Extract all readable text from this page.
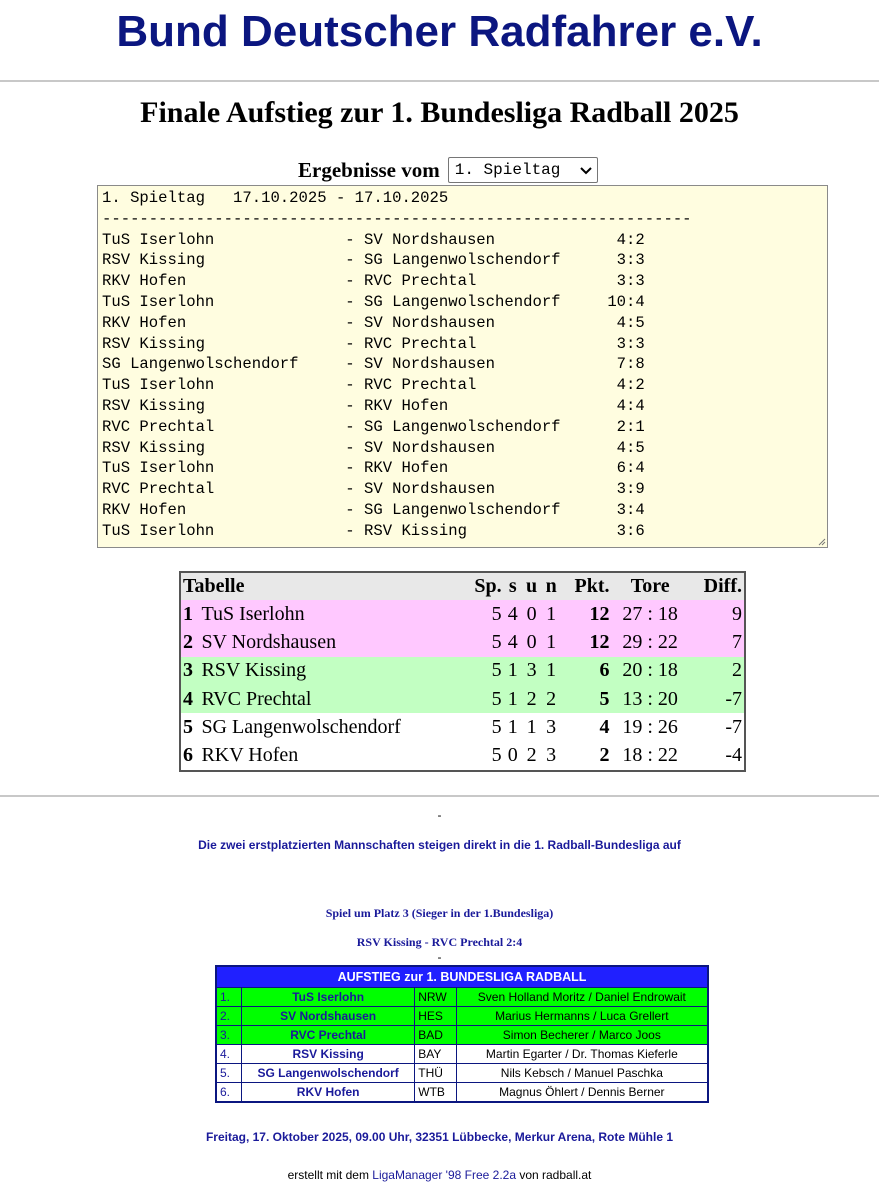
Bund Deutscher Radfahrer e.V.
Finale Aufstieg zur 1. Bundesliga Radball 2025
Ergebnisse vom 1. Spieltag
1. Spieltag   17.10.2025 - 17.10.2025
---------------------------------------------------------------
TuS Iserlohn              - SV Nordshausen             4:2
RSV Kissing               - SG Langenwolschendorf      3:3
RKV Hofen                 - RVC Prechtal               3:3
TuS Iserlohn              - SG Langenwolschendorf     10:4
RKV Hofen                 - SV Nordshausen             4:5
RSV Kissing               - RVC Prechtal               3:3
SG Langenwolschendorf     - SV Nordshausen             7:8
TuS Iserlohn              - RVC Prechtal               4:2
RSV Kissing               - RKV Hofen                  4:4
RVC Prechtal              - SG Langenwolschendorf      2:1
RSV Kissing               - SV Nordshausen             4:5
TuS Iserlohn              - RKV Hofen                  6:4
RVC Prechtal              - SV Nordshausen             3:9
RKV Hofen                 - SG Langenwolschendorf      3:4
TuS Iserlohn              - RSV Kissing                3:6
Tabelle		Sp.	s	u	n	Pkt.	Tore	Diff.
1	TuS Iserlohn	5	4	0	1	12	27 : 18	9
2	SV Nordshausen	5	4	0	1	12	29 : 22	7
3	RSV Kissing	5	1	3	1	6	20 : 18	2
4	RVC Prechtal	5	1	2	2	5	13 : 20	-7
5	SG Langenwolschendorf	5	1	1	3	4	19 : 26	-7
6	RKV Hofen	5	0	2	3	2	18 : 22	-4
-
Die zwei erstplatzierten Mannschaften steigen direkt in die 1. Radball-Bundesliga auf
Spiel um Platz 3 (Sieger in der 1.Bundesliga)
RSV Kissing - RVC Prechtal 2:4
-
AUFSTIEG zur 1. BUNDESLIGA RADBALL			
1.	TuS Iserlohn	NRW	Sven Holland Moritz / Daniel Endrowait
2.	SV Nordshausen	HES	Marius Hermanns / Luca Grellert
3.	RVC Prechtal	BAD	Simon Becherer / Marco Joos
4.	RSV Kissing	BAY	Martin Egarter / Dr. Thomas Kieferle
5.	SG Langenwolschendorf	THÜ	Nils Kebsch / Manuel Paschka
6.	RKV Hofen	WTB	Magnus Öhlert / Dennis Berner
Freitag, 17. Oktober 2025, 09.00 Uhr, 32351 Lübbecke, Merkur Arena, Rote Mühle 1
erstellt mit dem LigaManager '98 Free 2.2a von radball.at
